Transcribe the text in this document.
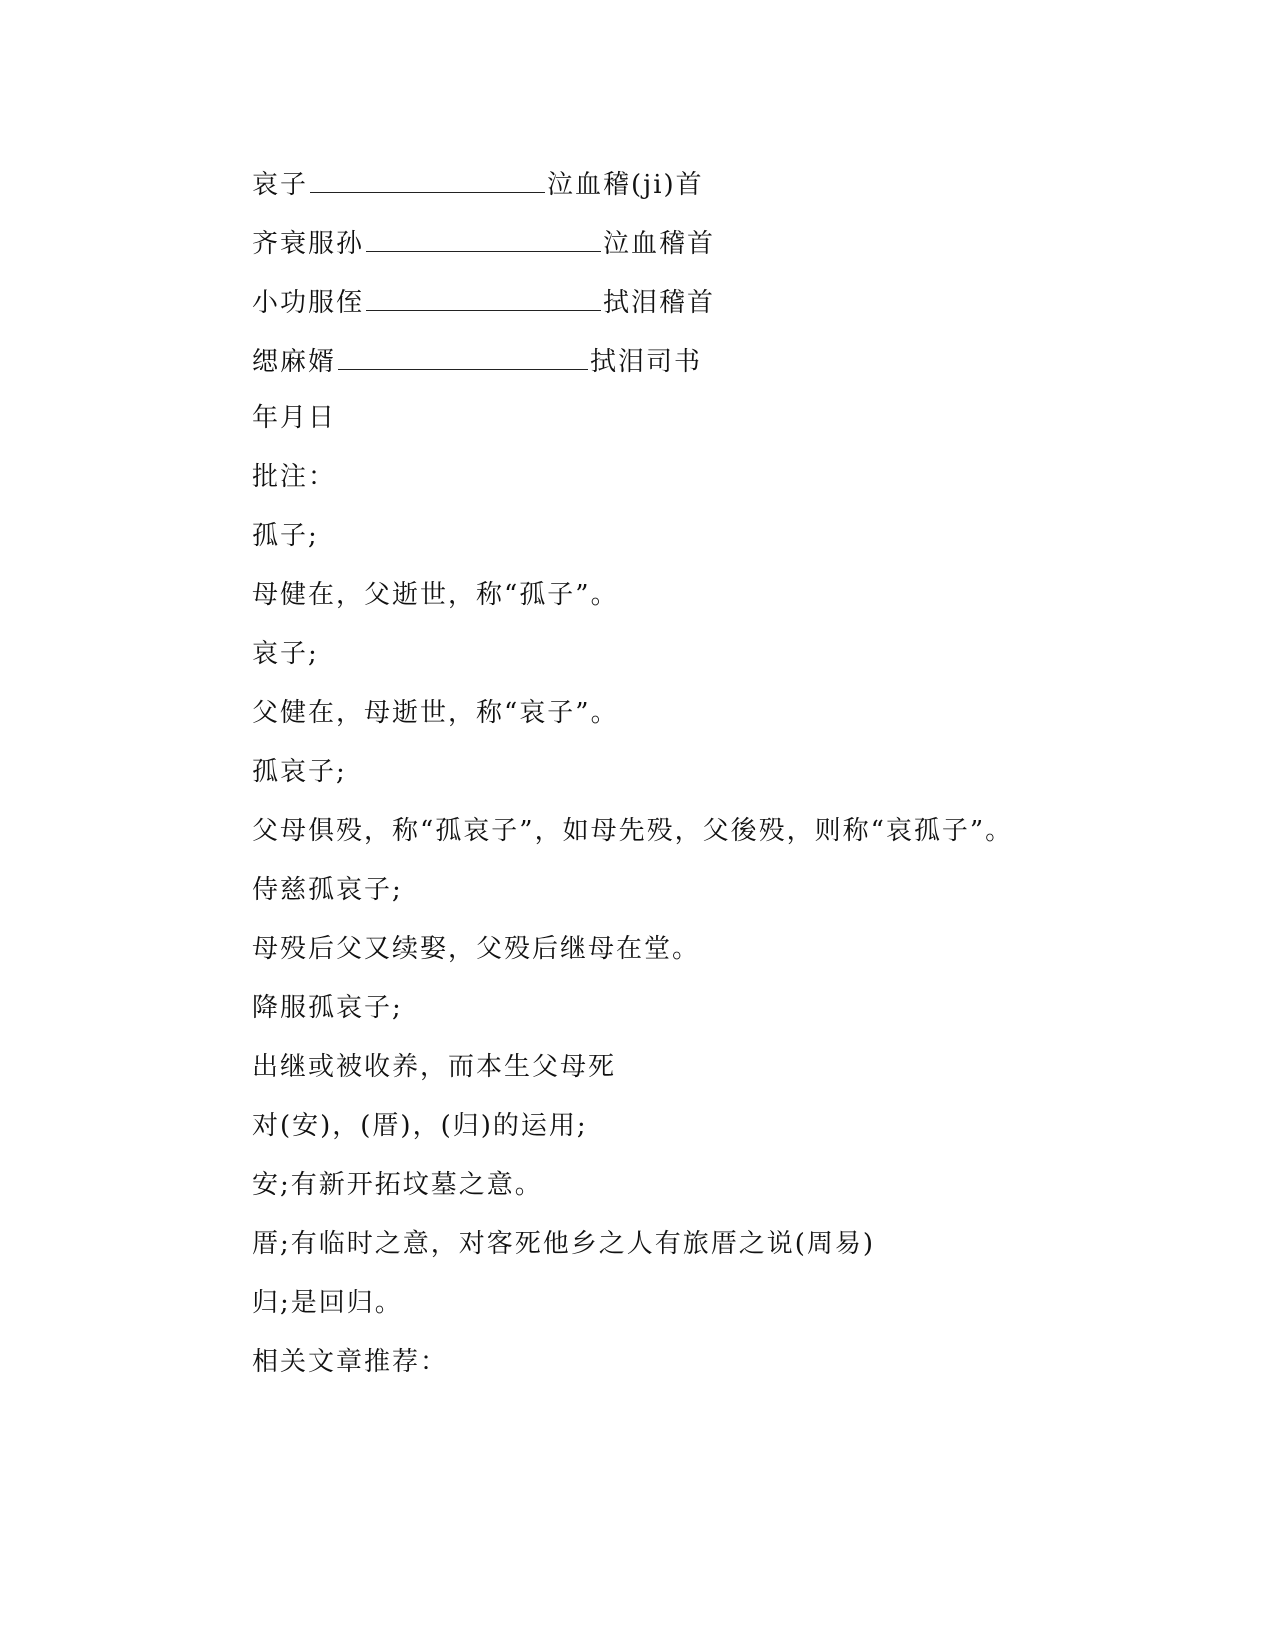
哀子	泣血稽(ji)首
齐衰服孙	泣血稽首
小功服侄	拭泪稽首
缌麻婿	拭泪司书
年月日
批注：
孤子;
母健在，父逝世，称“孤子”。
哀子;
父健在，母逝世，称“哀子”。
孤哀子;
父母俱殁，称“孤哀子”，如母先殁，父後殁，则称“哀孤子”。
侍慈孤哀子;
母殁后父又续娶，父殁后继母在堂。
降服孤哀子;
出继或被收养，而本生父母死
对(安)，(厝)，(归)的运用;
安;有新开拓坟墓之意。
厝;有临时之意，对客死他乡之人有旅厝之说(周易)
归;是回归。
相关文章推荐：
